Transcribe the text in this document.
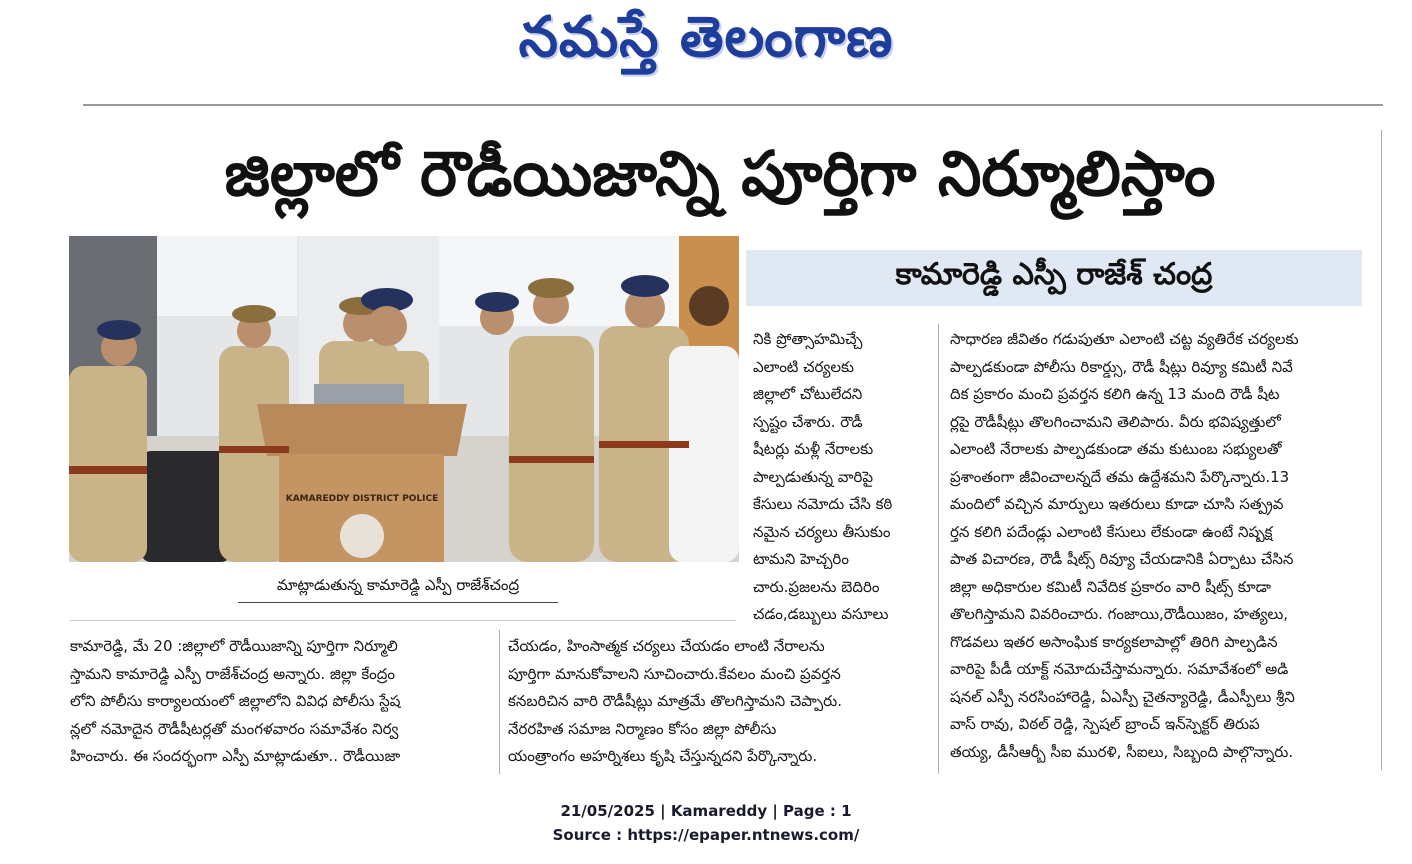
నమస్తే తెలంగాణ
జిల్లాలో రౌడీయిజాన్ని పూర్తిగా నిర్మూలిస్తాం
KAMAREDDY DISTRICT POLICE
మాట్లాడుతున్న కామారెడ్డి ఎస్పీ రాజేశ్‌చంద్ర
కామారెడ్డి ఎస్పీ రాజేశ్ చంద్ర

నికి ప్రోత్సాహమిచ్చే

ఎలాంటి చర్యలకు

జిల్లాలో చోటులేదని

స్పష్టం చేశారు. రౌడీ

షీటర్లు మళ్లీ నేరాలకు

పాల్పడుతున్న వారిపై

కేసులు నమోదు చేసి కఠి

నమైన చర్యలు తీసుకుం

టామని హెచ్చరిం

చారు.ప్రజలను బెదిరిం

చడం,డబ్బులు వసూలు

సాధారణ జీవితం గడుపుతూ ఎలాంటి చట్ట వ్యతిరేక చర్యలకు

పాల్పడకుండా పోలీసు రికార్డ్సు, రౌడీ షీట్లు రివ్యూ కమిటీ నివే

దిక ప్రకారం మంచి ప్రవర్తన కలిగి ఉన్న 13 మంది రౌడీ షీట

ర్లపై రౌడీషీట్లు తొలగించామని తెలిపారు. వీరు భవిష్యత్తులో

ఎలాంటి నేరాలకు పాల్పడకుండా తమ కుటుంబ సభ్యులతో

ప్రశాంతంగా జీవించాలన్నదే తమ ఉద్దేశమని పేర్కొన్నారు.13

మందిలో వచ్చిన మార్పులు ఇతరులు కూడా చూసి సత్ప్రవ

ర్తన కలిగి పదేండ్లు ఎలాంటి కేసులు లేకుండా ఉంటే నిష్పక్ష

పాత విచారణ, రౌడీ షీట్స్ రివ్యూ చేయడానికి ఏర్పాటు చేసిన

జిల్లా అధికారుల కమిటీ నివేదిక ప్రకారం వారి షీట్స్ కూడా

తొలగిస్తామని వివరించారు. గంజాయి,రౌడీయిజం, హత్యలు,

గొడవలు ఇతర అసాంఘిక కార్యకలాపాల్లో తిరిగి పాల్పడిన

వారిపై పీడీ యాక్ట్ నమోదుచేస్తామన్నారు. సమావేశంలో అడి

షనల్ ఎస్పీ నరసింహారెడ్డి, ఏఎస్పీ చైతన్యారెడ్డి, డీఎస్పీలు శ్రీని

వాస్ రావు, విఠల్ రెడ్డి, స్పెషల్ బ్రాంచ్ ఇన్‌స్పెక్టర్ తిరుప

తయ్య, డీసీఆర్బీ సీఐ మురళి, సీఐలు, సిబ్బంది పాల్గొన్నారు.

కామారెడ్డి, మే 20 :జిల్లాలో రౌడీయిజాన్ని పూర్తిగా నిర్మూలి

స్తామని కామారెడ్డి ఎస్పీ రాజేశ్‌చంద్ర అన్నారు. జిల్లా కేంద్రం

లోని పోలీసు కార్యాలయంలో జిల్లాలోని వివిధ పోలీసు స్టేష

న్లలో నమోదైన రౌడీషీటర్లతో మంగళవారం సమావేశం నిర్వ

హించారు. ఈ సందర్భంగా ఎస్పీ మాట్లాడుతూ.. రౌడీయిజా

చేయడం, హింసాత్మక చర్యలు చేయడం లాంటి నేరాలను

పూర్తిగా మానుకోవాలని సూచించారు.కేవలం మంచి ప్రవర్తన

కనబరిచిన వారి రౌడీషీట్లు మాత్రమే తొలగిస్తామని చెప్పారు.

నేరరహిత సమాజ నిర్మాణం కోసం జిల్లా పోలీసు

యంత్రాంగం అహర్నిశలు కృషి చేస్తున్నదని పేర్కొన్నారు.

21/05/2025 | Kamareddy | Page : 1
Source : https://epaper.ntnews.com/
